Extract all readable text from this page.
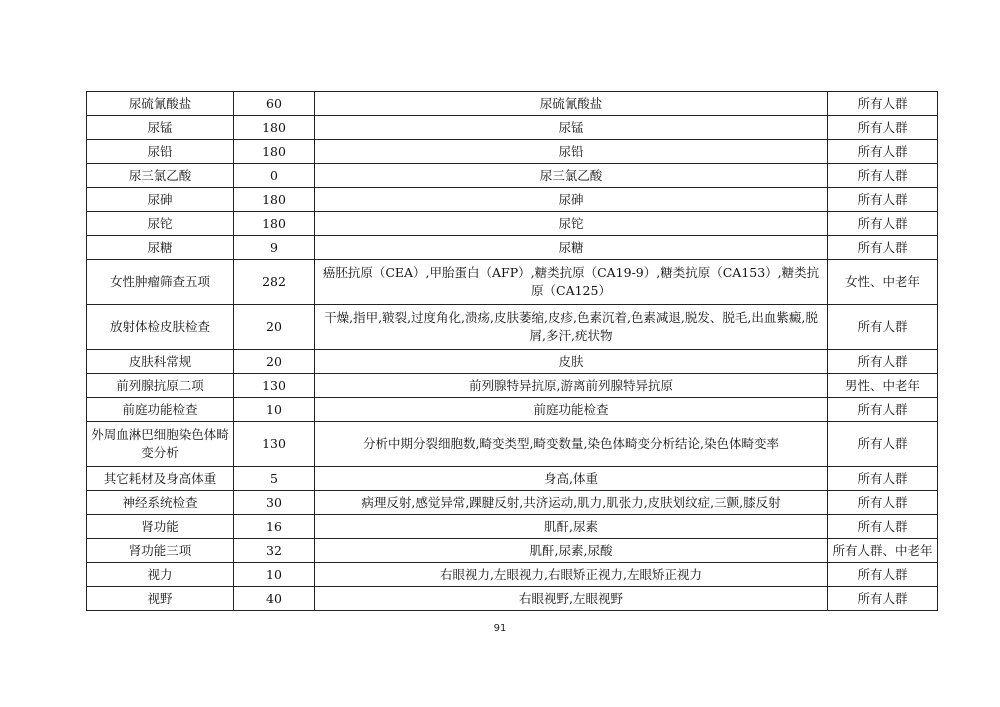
尿硫氰酸盐	60	尿硫氰酸盐	所有人群
尿锰	180	尿锰	所有人群
尿铅	180	尿铅	所有人群
尿三氯乙酸	0	尿三氯乙酸	所有人群
尿砷	180	尿砷	所有人群
尿铊	180	尿铊	所有人群
尿糖	9	尿糖	所有人群
女性肿瘤筛查五项	282	癌胚抗原（CEA）,甲胎蛋白（AFP）,糖类抗原（CA19-9）,糖类抗原（CA153）,糖类抗原（CA125）	女性、中老年
放射体检皮肤检查	20	干燥,指甲,皲裂,过度角化,溃疡,皮肤萎缩,皮疹,色素沉着,色素减退,脱发、脱毛,出血紫癜,脱屑,多汗,疣状物	所有人群
皮肤科常规	20	皮肤	所有人群
前列腺抗原二项	130	前列腺特异抗原,游离前列腺特异抗原	男性、中老年
前庭功能检查	10	前庭功能检查	所有人群
外周血淋巴细胞染色体畸变分析	130	分析中期分裂细胞数,畸变类型,畸变数量,染色体畸变分析结论,染色体畸变率	所有人群
其它耗材及身高体重	5	身高,体重	所有人群
神经系统检查	30	病理反射,感觉异常,踝腱反射,共济运动,肌力,肌张力,皮肤划纹症,三颤,膝反射	所有人群
肾功能	16	肌酐,尿素	所有人群
肾功能三项	32	肌酐,尿素,尿酸	所有人群、中老年
视力	10	右眼视力,左眼视力,右眼矫正视力,左眼矫正视力	所有人群
视野	40	右眼视野,左眼视野	所有人群
91
